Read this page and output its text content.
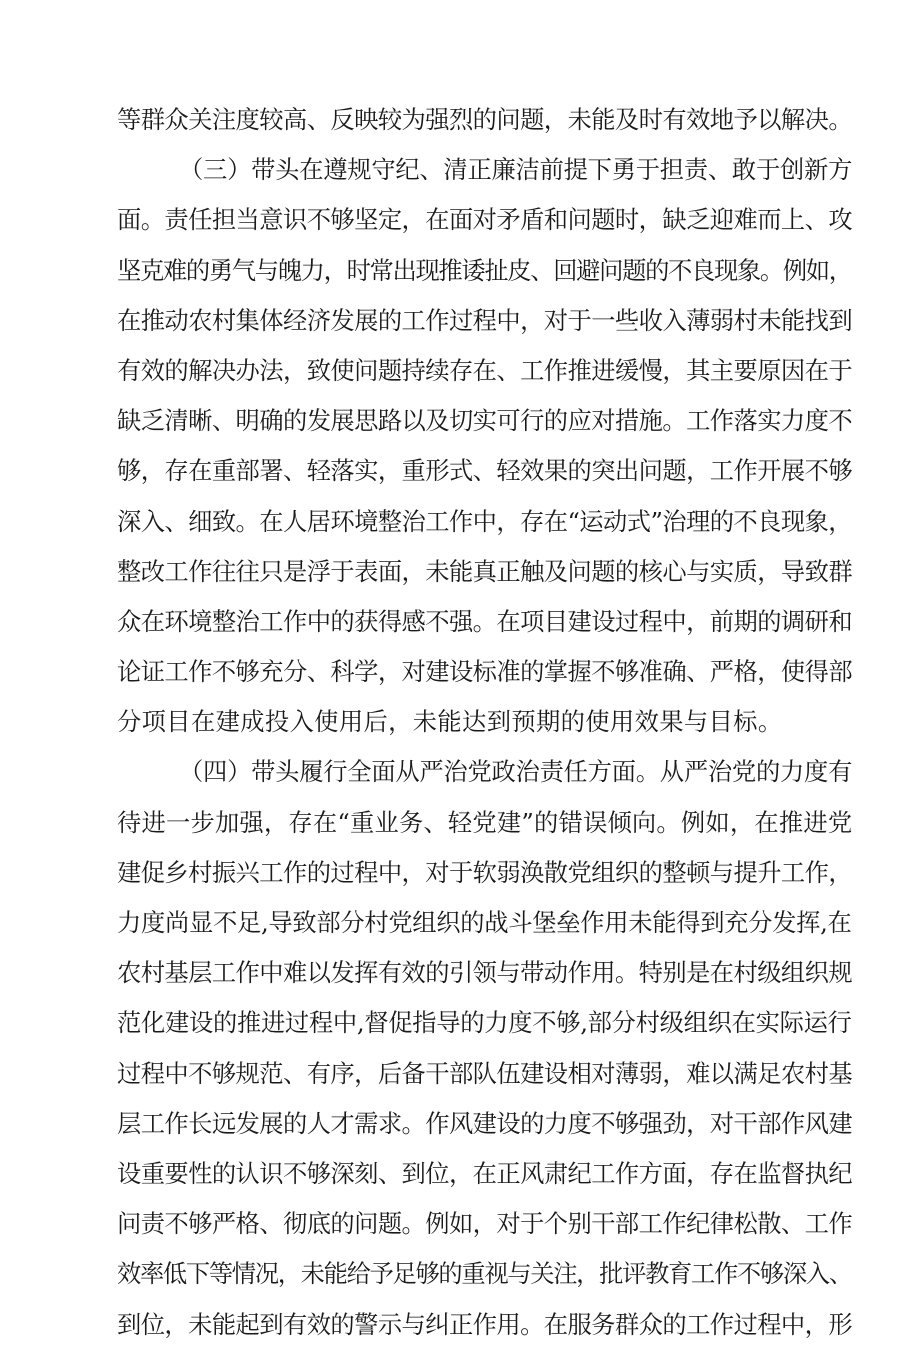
等群众关注度较高、反映较为强烈的问题，未能及时有效地予以解决。
（三）带头在遵规守纪、清正廉洁前提下勇于担责、敢于创新方
面。责任担当意识不够坚定，在面对矛盾和问题时，缺乏迎难而上、攻
坚克难的勇气与魄力，时常出现推诿扯皮、回避问题的不良现象。例如，
在推动农村集体经济发展的工作过程中，对于一些收入薄弱村未能找到
有效的解决办法，致使问题持续存在、工作推进缓慢，其主要原因在于
缺乏清晰、明确的发展思路以及切实可行的应对措施。工作落实力度不
够，存在重部署、轻落实，重形式、轻效果的突出问题，工作开展不够
深入、细致。在人居环境整治工作中，存在“运动式”治理的不良现象，
整改工作往往只是浮于表面，未能真正触及问题的核心与实质，导致群
众在环境整治工作中的获得感不强。在项目建设过程中，前期的调研和
论证工作不够充分、科学，对建设标准的掌握不够准确、严格，使得部
分项目在建成投入使用后，未能达到预期的使用效果与目标。
（四）带头履行全面从严治党政治责任方面。从严治党的力度有
待进一步加强，存在“重业务、轻党建”的错误倾向。例如，在推进党
建促乡村振兴工作的过程中，对于软弱涣散党组织的整顿与提升工作，
力度尚显不足,导致部分村党组织的战斗堡垒作用未能得到充分发挥,在
农村基层工作中难以发挥有效的引领与带动作用。特别是在村级组织规
范化建设的推进过程中,督促指导的力度不够,部分村级组织在实际运行
过程中不够规范、有序，后备干部队伍建设相对薄弱，难以满足农村基
层工作长远发展的人才需求。作风建设的力度不够强劲，对干部作风建
设重要性的认识不够深刻、到位，在正风肃纪工作方面，存在监督执纪
问责不够严格、彻底的问题。例如，对于个别干部工作纪律松散、工作
效率低下等情况，未能给予足够的重视与关注，批评教育工作不够深入、
到位，未能起到有效的警示与纠正作用。在服务群众的工作过程中，形
